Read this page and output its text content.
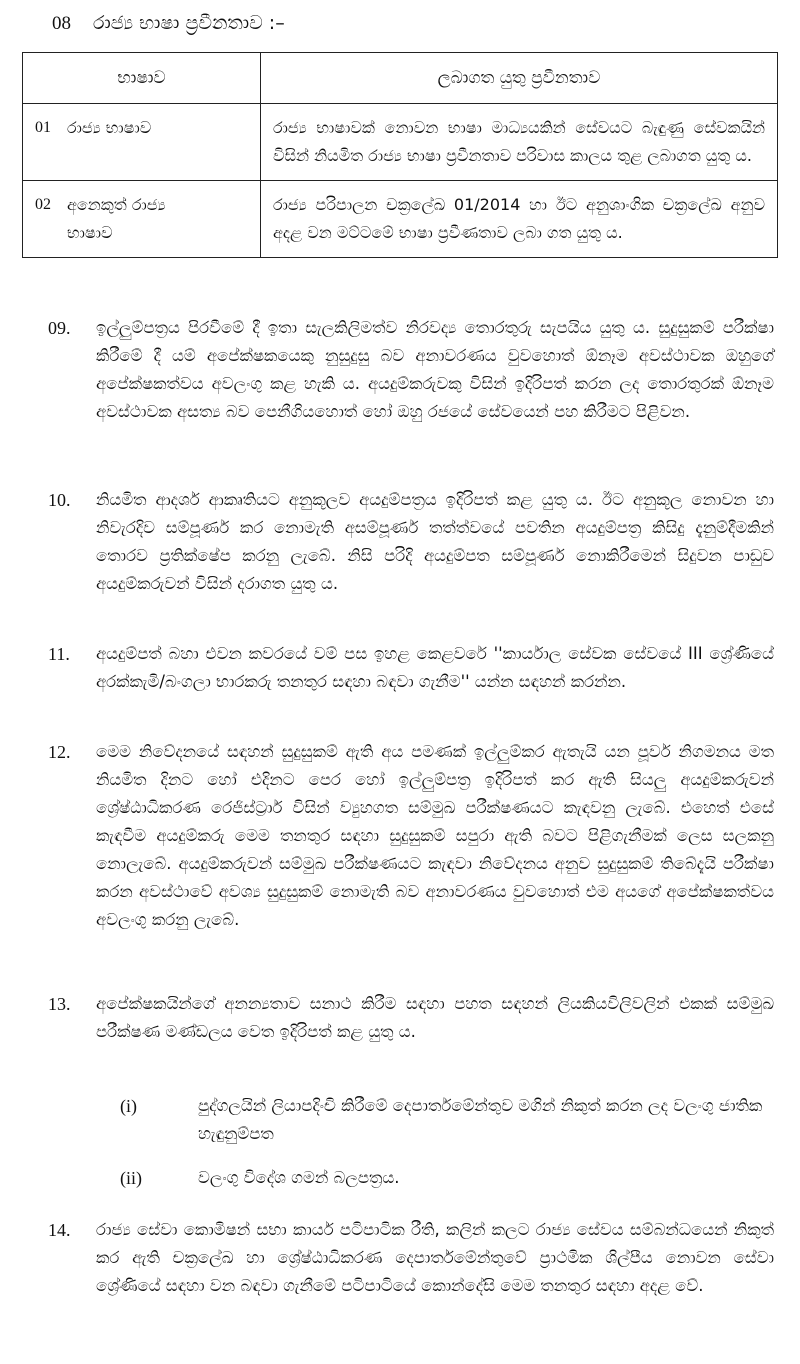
08 රාජ්‍ය භාෂා ප්‍රවීනතාව :–
භාෂාව	ලබාගත යුතු ප්‍රවීනතාව

01 රාජ්‍ය භාෂාව	රාජ්‍ය භාෂාවක් නොවන භාෂා මාධ්‍යයකින් සේවයට බැඳුණු සේවකයින් විසින් නියමිත රාජ්‍ය භාෂා ප්‍රවීනතාව පරිවාස කාලය තුළ ලබාගත යුතු ය.

02 අනෙකුත් රාජ්‍ය භාෂාව	රාජ්‍ය පරිපාලන චක්‍රලේඛ 01/2014 හා ඊට අනුශාංගික චක්‍රලේඛ අනුව අදළ වන මට්ටමේ භාෂා ප්‍රවීණතාව ලබා ගත යුතු ය.
09. ඉල්ලුම්පත්‍රය පිරවීමේ දී ඉතා සැලකිලිමත්ව නිරවද්‍ය තොරතුරු සැපයිය යුතු ය. සුදුසුකම් පරීක්ෂා කිරීමේ දී යම් අපේක්ෂකයෙකු නුසුදුසු බව අනාවරණය වුවහොත් ඕනෑම අවස්ථාවක ඔහුගේ අපේක්ෂකත්වය අවලංගු කළ හැකි ය. අයදුම්කරුවකු විසින් ඉදිරිපත් කරන ලද තොරතුරක් ඕනෑම අවස්ථාවක අසත්‍ය බව පෙනීගියහොත් හෝ ඔහු රජයේ සේවයෙන් පහ කිරීමට පිළිවන.
10. නියමිත ආදර්ශ ආකෘතියට අනුකූලව අයදුම්පත්‍රය ඉදිරිපත් කළ යුතු ය. ඊට අනුකූල නොවන හා නිවැරදිව සම්පූර්ණ කර නොමැති අසම්පූර්ණ තත්ත්වයේ පවතින අයදුම්පත්‍ර කිසිදු දැනුම්දීමකින් තොරව ප්‍රතික්ෂේප කරනු ලැබේ. නිසි පරිදි අයදුම්පත සම්පූර්ණ නොකිරීමෙන් සිදුවන පාඩුව අයදුම්කරුවන් විසින් දරාගත යුතු ය.
11. අයදුම්පත් බහා එවන කවරයේ වම් පස ඉහළ කෙළවරේ ''කාර්යාල සේවක සේවයේ III ශ්‍රේණියේ අරක්කැමි/බංගලා භාරකරු තනතුර සඳහා බඳවා ගැනීම'' යන්න සඳහන් කරන්න.
12. මෙම නිවේදනයේ සඳහන් සුදුසුකම් ඇති අය පමණක් ඉල්ලුම්කර ඇතැයි යන පූර්ව නිගමනය මත නියමිත දිනට හෝ එදිනට පෙර හෝ ඉල්ලුම්පත්‍ර ඉදිරිපත් කර ඇති සියලු අයදුම්කරුවන් ශ්‍රේෂ්ඨාධිකරණ රෙජිස්ට්‍රාර් විසින් ව්‍යුහගත සම්මුඛ පරීක්ෂණයට කැඳවනු ලැබේ. එහෙත් එසේ කැඳවීම අයදුම්කරු මෙම තනතුර සඳහා සුදුසුකම් සපුරා ඇති බවට පිළිගැනීමක් ලෙස සලකනු නොලැබේ. අයදුම්කරුවන් සම්මුඛ පරීක්ෂණයට කැඳවා නිවේදනය අනුව සුදුසුකම් තිබේදැයි පරීක්ෂා කරන අවස්ථාවේ අවශ්‍ය සුදුසුකම් නොමැති බව අනාවරණය වුවහොත් එම අයගේ අපේක්ෂකත්වය අවලංගු කරනු ලැබේ.
13. අපේක්ෂකයින්ගේ අනන්‍යතාව සනාථ කිරීම සඳහා පහත සඳහන් ලියකියවිලිවලින් එකක් සම්මුඛ පරීක්ෂණ මණ්ඩලය වෙත ඉදිරිපත් කළ යුතු ය.
(i)	පුද්ගලයින් ලියාපදිංචි කිරීමේ දෙපාර්තමේන්තුව මගින් නිකුත් කරන ලද වලංගු ජාතික හැඳුනුම්පත
(ii)	වලංගු විදේශ ගමන් බලපත්‍රය.
14. රාජ්‍ය සේවා කොමිෂන් සභා කාර්ය පටිපාටික රීති, කලින් කලට රාජ්‍ය සේවය සම්බන්ධයෙන් නිකුත් කර ඇති චක්‍රලේඛ හා ශ්‍රේෂ්ඨාධිකරණ දෙපාර්තමේන්තුවේ ප්‍රාථමික ශිල්පීය නොවන සේවා ශ්‍රේණියේ සඳහා වන බඳවා ගැනීමේ පටිපාටියේ කොන්දේසි මෙම තනතුර සඳහා අදළ වේ.
